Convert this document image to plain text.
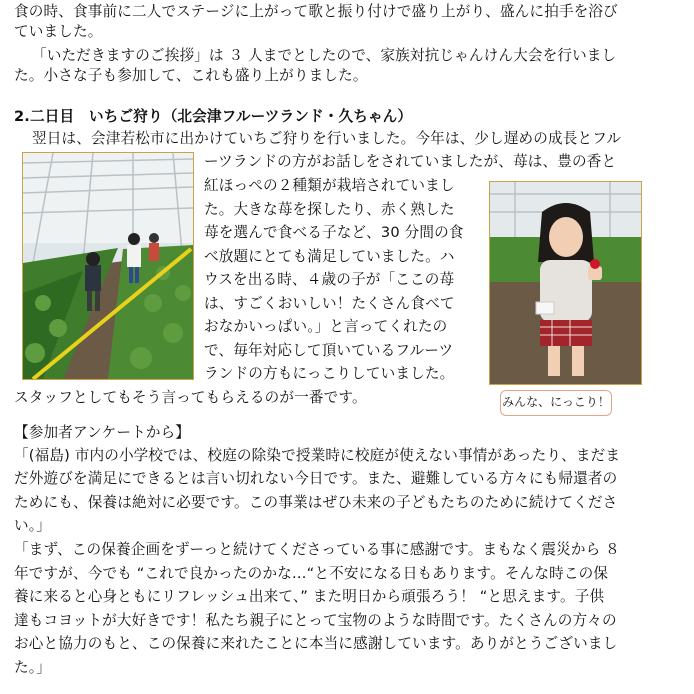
食の時、食事前に二人でステージに上がって歌と振り付けで盛り上がり、盛んに拍手を浴び
ていました。
「いただきますのご挨拶」は ３ 人までとしたので、家族対抗じゃんけん大会を行いまし
た。小さな子も参加して、これも盛り上がりました。
2.二日目　いちご狩り（北会津フルーツランド・久ちゃん）
翌日は、会津若松市に出かけていちご狩りを行いました。今年は、少し遅めの成長とフル
ーツランドの方がお話しをされていましたが、苺は、豊の香と
紅ほっぺの２種類が栽培されていまし
た。大きな苺を探したり、赤く熟した
苺を選んで食べる子など、30 分間の食
べ放題にとても満足していました。ハ
ウスを出る時、４歳の子が「ここの苺
は、すごくおいしい！たくさん食べて
おなかいっぱい。」と言ってくれたの
で、毎年対応して頂いているフルーツ
ランドの方もにっこりしていました。
スタッフとしてもそう言ってもらえるのが一番です。	みんな、にっこり！
【参加者アンケートから】
「(福島) 市内の小学校では、校庭の除染で授業時に校庭が使えない事情があったり、まだま
だ外遊びを満足にできるとは言い切れない今日です。また、避難している方々にも帰還者の
ためにも、保養は絶対に必要です。この事業はぜひ未来の子どもたちのために続けてくださ
い。」
「まず、この保養企画をずーっと続けてくださっている事に感謝です。まもなく震災から ８
年ですが、今でも “これで良かったのかな…“と不安になる日もあります。そんな時この保
養に来ると心身ともにリフレッシュ出来て、” また明日から頑張ろう！ “と思えます。子供
達もコヨットが大好きです！私たち親子にとって宝物のような時間です。たくさんの方々の
お心と協力のもと、この保養に来れたことに本当に感謝しています。ありがとうございまし
た。」
